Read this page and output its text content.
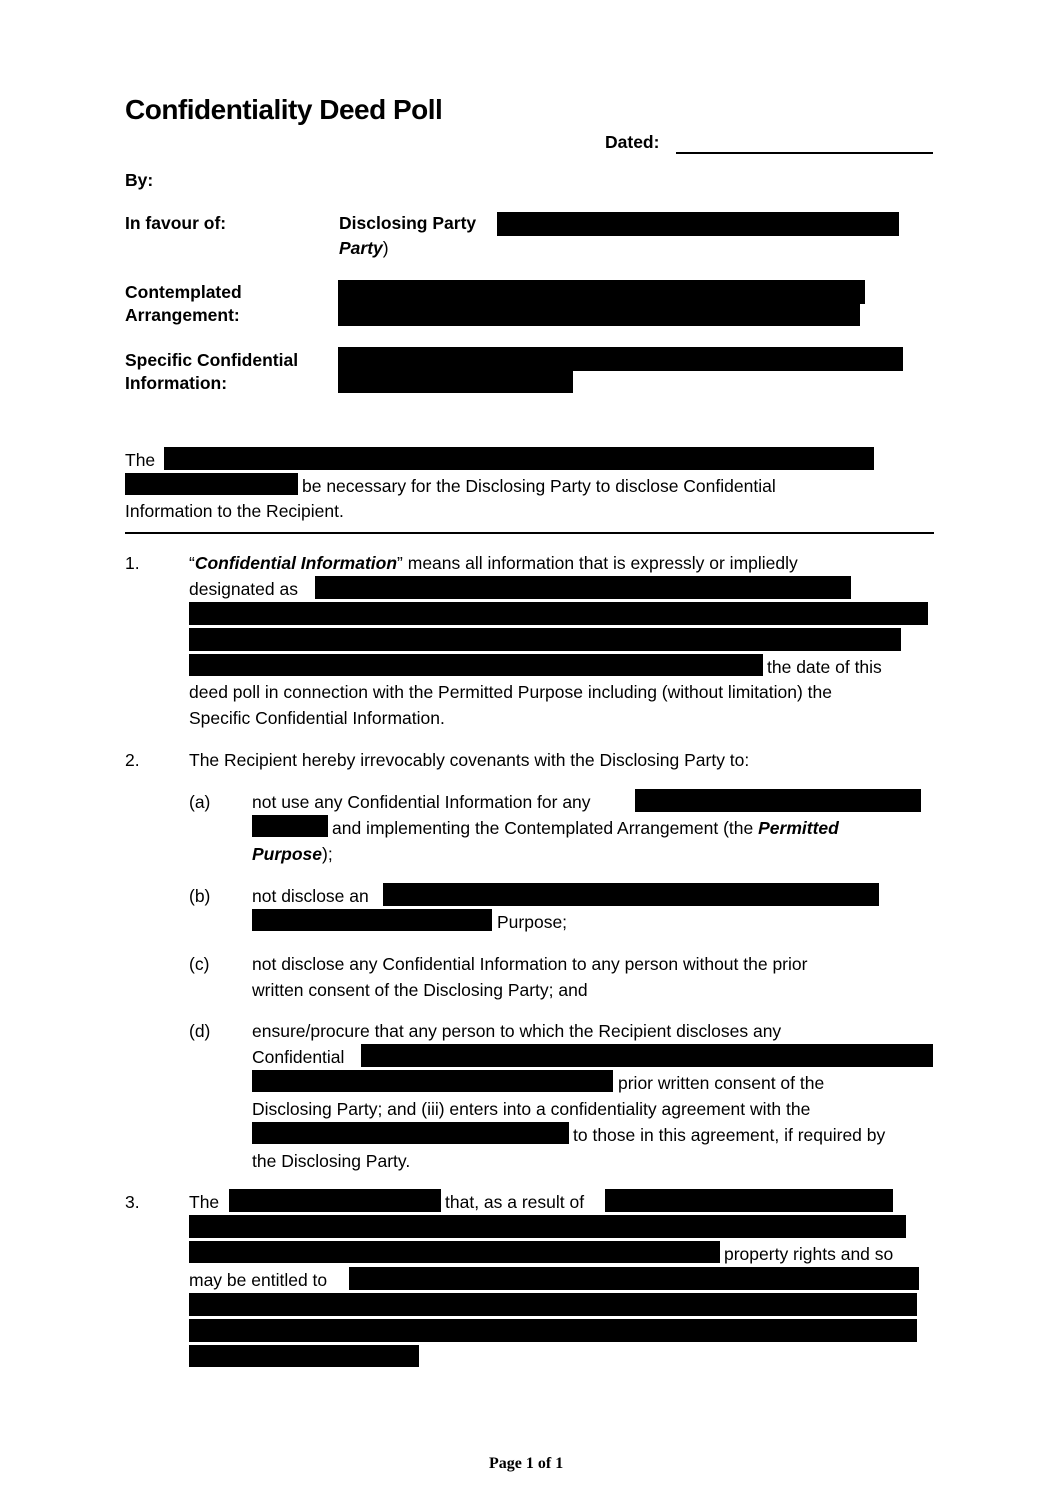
Confidentiality Deed Poll
Dated:
By:
In favour of:	Disclosing Party
Party)
Contemplated
Arrangement:
Specific Confidential
Information:
The
be necessary for the Disclosing Party to disclose Confidential
Information to the Recipient.
1.	“Confidential Information” means all information that is expressly or impliedly
designated as
the date of this
deed poll in connection with the Permitted Purpose including (without limitation) the
Specific Confidential Information.
2.	The Recipient hereby irrevocably covenants with the Disclosing Party to:
(a) not use any Confidential Information for any
and implementing the Contemplated Arrangement (the Permitted
Purpose);
(b) not disclose an
Purpose;
(c) not disclose any Confidential Information to any person without the prior
written consent of the Disclosing Party; and
(d) ensure/procure that any person to which the Recipient discloses any
Confidential
prior written consent of the
Disclosing Party; and (iii) enters into a confidentiality agreement with the
to those in this agreement, if required by
the Disclosing Party.
3.	The	that, as a result of
property rights and so
may be entitled to
Page 1 of 1
